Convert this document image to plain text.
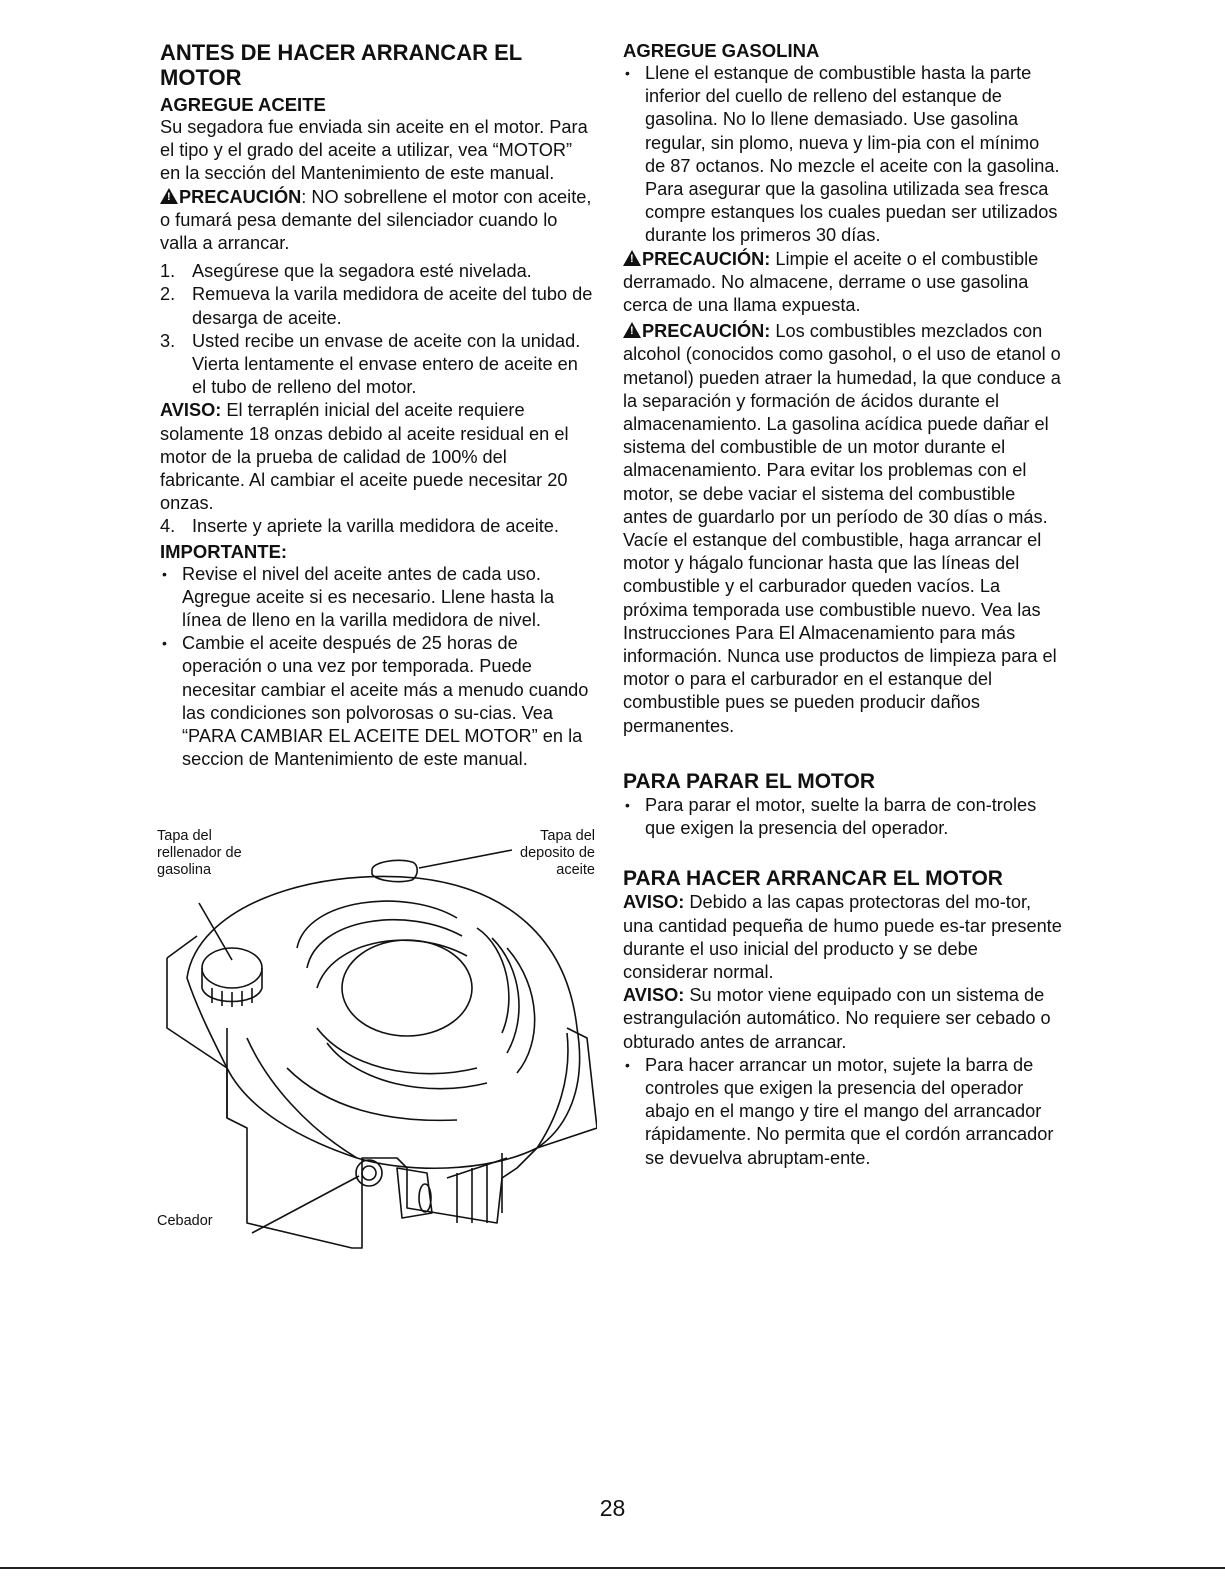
ANTES DE HACER ARRANCAR EL MOTOR
AGREGUE ACEITE

Su segadora fue enviada sin aceite en el motor. Para el tipo y el grado del aceite a utilizar, vea “MOTOR” en la sección del Mantenimiento de este manual.

!PRECAUCIÓN: NO sobrellene el motor con aceite, o fumará pesa demante del silenciador cuando lo valla a arrancar.

1. Asegúrese que la segadora esté nivelada.
2. Remueva la varila medidora de aceite del tubo de desarga de aceite.
3. Usted recibe un envase de aceite con la unidad. Vierta lentamente el envase entero de aceite en el tubo de relleno del motor.

AVISO: El terraplén inicial del aceite requiere solamente 18 onzas debido al aceite residual en el motor de la prueba de calidad de 100% del fabricante. Al cambiar el aceite puede necesitar 20 onzas.

4. Inserte y apriete la varilla medidora de aceite.
IMPORTANTE:
• Revise el nivel del aceite antes de cada uso. Agregue aceite si es necesario. Llene hasta la línea de lleno en la varilla medidora de nivel.
• Cambie el aceite después de 25 horas de operación o una vez por temporada. Puede necesitar cambiar el aceite más a menudo cuando las condiciones son polvorosas o su-cias. Vea “PARA CAMBIAR EL ACEITE DEL MOTOR” en la seccion de Mantenimiento de este manual.
Tapa del rellenador de gasolina
Tapa del deposito de aceite
Cebador
AGREGUE GASOLINA
• Llene el estanque de combustible hasta la parte inferior del cuello de relleno del estanque de gasolina. No lo llene demasiado. Use gasolina regular, sin plomo, nueva y lim-pia con el mínimo de 87 octanos. No mezcle el aceite con la gasolina. Para asegurar que la gasolina utilizada sea fresca compre estanques los cuales puedan ser utilizados durante los primeros 30 días.

!PRECAUCIÓN: Limpie el aceite o el combustible derramado. No almacene, derrame o use gasolina cerca de una llama expuesta.

!PRECAUCIÓN: Los combustibles mezclados con alcohol (conocidos como gasohol, o el uso de etanol o metanol) pueden atraer la humedad, la que conduce a la separación y formación de ácidos durante el almacenamiento. La gasolina acídica puede dañar el sistema del combustible de un motor durante el almacenamiento. Para evitar los problemas con el motor, se debe vaciar el sistema del combustible antes de guardarlo por un período de 30 días o más. Vacíe el estanque del combustible, haga arrancar el motor y hágalo funcionar hasta que las líneas del combustible y el carburador queden vacíos. La próxima temporada use combustible nuevo. Vea las Instrucciones Para El Almacenamiento para más información. Nunca use productos de limpieza para el motor o para el carburador en el estanque del combustible pues se pueden producir daños permanentes.

PARA PARAR EL MOTOR
• Para parar el motor, suelte la barra de con-troles que exigen la presencia del operador.
PARA HACER ARRANCAR EL MOTOR

AVISO: Debido a las capas protectoras del mo-tor, una cantidad pequeña de humo puede es-tar presente durante el uso inicial del producto y se debe considerar normal.

AVISO: Su motor viene equipado con un sistema de estrangulación automático. No requiere ser cebado o obturado antes de arrancar.

• Para hacer arrancar un motor, sujete la barra de controles que exigen la presencia del operador abajo en el mango y tire el mango del arrancador rápidamente. No permita que el cordón arrancador se devuelva abruptam-ente.
28
